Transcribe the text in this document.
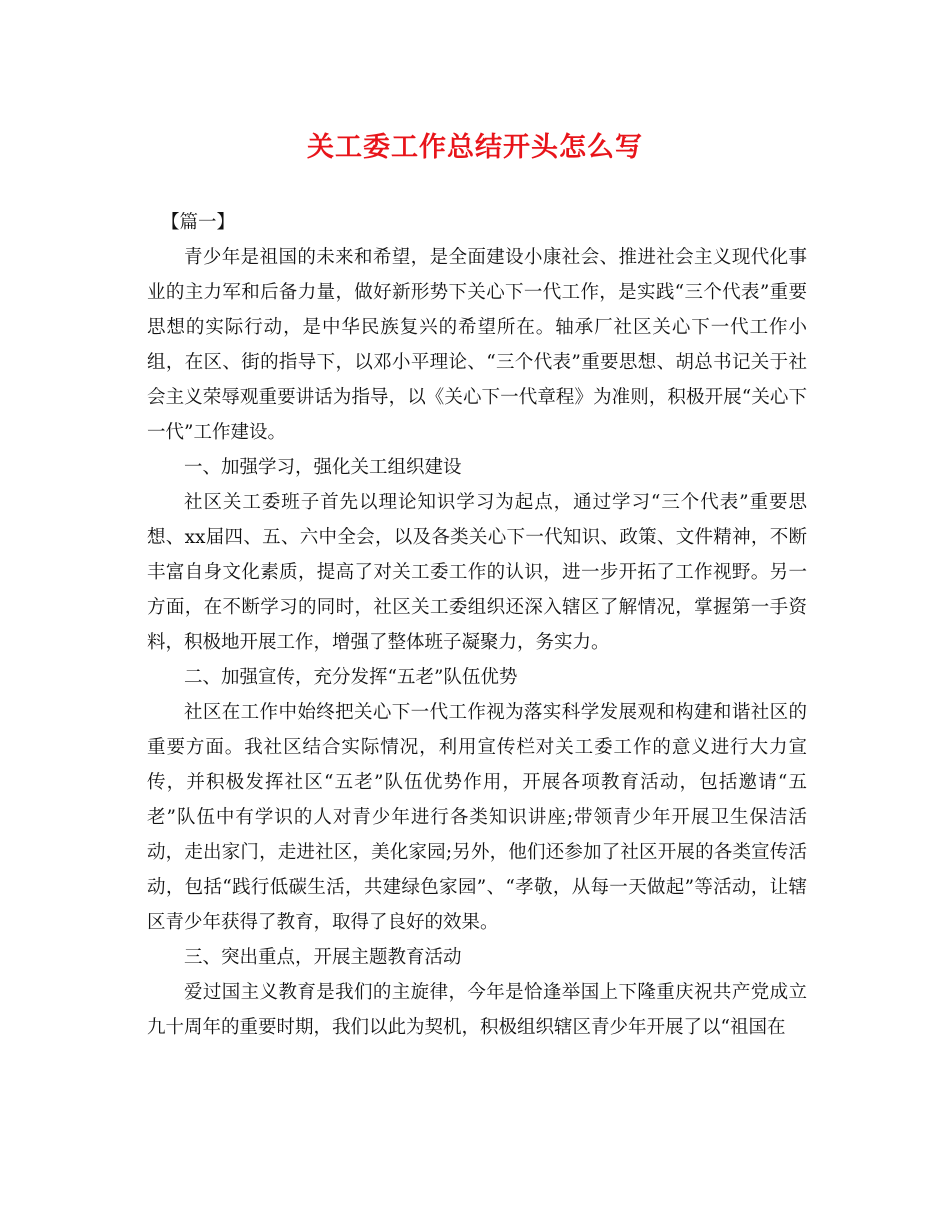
关工委工作总结开头怎么写

【篇一】

青少年是祖国的未来和希望，是全面建设小康社会、推进社会主义现代化事业的主力军和后备力量，做好新形势下关心下一代工作，是实践“三个代表”重要思想的实际行动，是中华民族复兴的希望所在。轴承厂社区关心下一代工作小组，在区、街的指导下，以邓小平理论、“三个代表”重要思想、胡总书记关于社会主义荣辱观重要讲话为指导，以《关心下一代章程》为准则，积极开展“关心下一代”工作建设。

一、加强学习，强化关工组织建设

社区关工委班子首先以理论知识学习为起点，通过学习“三个代表”重要思想、xx届四、五、六中全会，以及各类关心下一代知识、政策、文件精神，不断丰富自身文化素质，提高了对关工委工作的认识，进一步开拓了工作视野。另一方面，在不断学习的同时，社区关工委组织还深入辖区了解情况，掌握第一手资料，积极地开展工作，增强了整体班子凝聚力，务实力。

二、加强宣传，充分发挥“五老”队伍优势

社区在工作中始终把关心下一代工作视为落实科学发展观和构建和谐社区的重要方面。我社区结合实际情况，利用宣传栏对关工委工作的意义进行大力宣传，并积极发挥社区“五老”队伍优势作用，开展各项教育活动，包括邀请“五老”队伍中有学识的人对青少年进行各类知识讲座;带领青少年开展卫生保洁活动，走出家门，走进社区，美化家园;另外，他们还参加了社区开展的各类宣传活动，包括“践行低碳生活，共建绿色家园”、“孝敬，从每一天做起”等活动，让辖区青少年获得了教育，取得了良好的效果。

三、突出重点，开展主题教育活动

爱过国主义教育是我们的主旋律，今年是恰逢举国上下隆重庆祝共产党成立九十周年的重要时期，我们以此为契机，积极组织辖区青少年开展了以“祖国在
